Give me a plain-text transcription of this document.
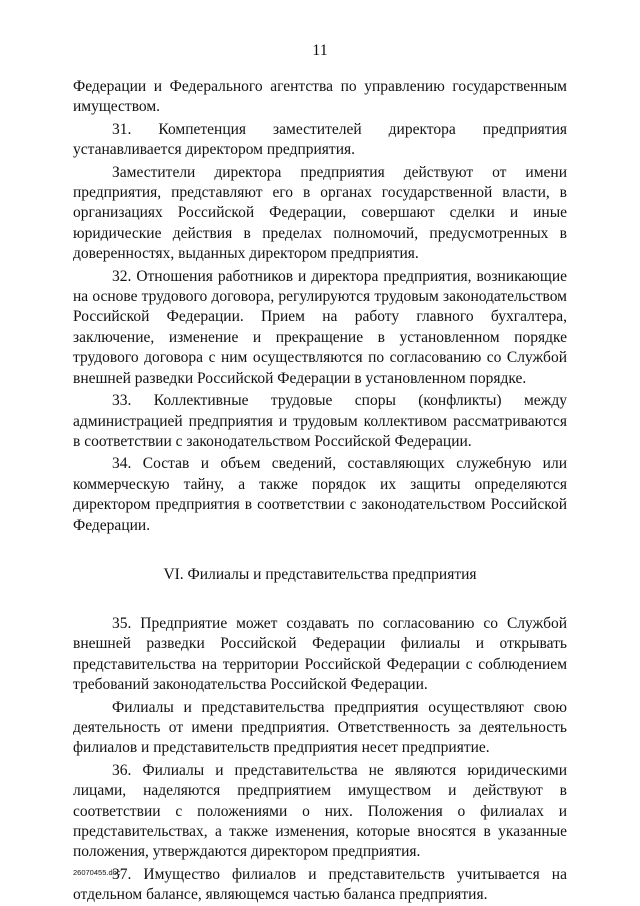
11

Федерации и Федерального агентства по управлению государственным имуществом.

31. Компетенция заместителей директора предприятия устанавливается директором предприятия.

Заместители директора предприятия действуют от имени предприятия, представляют его в органах государственной власти, в организациях Российской Федерации, совершают сделки и иные юридические действия в пределах полномочий, предусмотренных в доверенностях, выданных директором предприятия.

32. Отношения работников и директора предприятия, возникающие на основе трудового договора, регулируются трудовым законодательством Российской Федерации. Прием на работу главного бухгалтера, заключение, изменение и прекращение в установленном порядке трудового договора с ним осуществляются по согласованию со Службой внешней разведки Российской Федерации в установленном порядке.

33. Коллективные трудовые споры (конфликты) между администрацией предприятия и трудовым коллективом рассматриваются в соответствии с законодательством Российской Федерации.

34. Состав и объем сведений, составляющих служебную или коммерческую тайну, а также порядок их защиты определяются директором предприятия в соответствии с законодательством Российской Федерации.

VI. Филиалы и представительства предприятия

35. Предприятие может создавать по согласованию со Службой внешней разведки Российской Федерации филиалы и открывать представительства на территории Российской Федерации с соблюдением требований законодательства Российской Федерации.

Филиалы и представительства предприятия осуществляют свою деятельность от имени предприятия. Ответственность за деятельность филиалов и представительств предприятия несет предприятие.

36. Филиалы и представительства не являются юридическими лицами, наделяются предприятием имуществом и действуют в соответствии с положениями о них. Положения о филиалах и представительствах, а также изменения, которые вносятся в указанные положения, утверждаются директором предприятия.

37. Имущество филиалов и представительств учитывается на отдельном балансе, являющемся частью баланса предприятия.

26070455.doc
